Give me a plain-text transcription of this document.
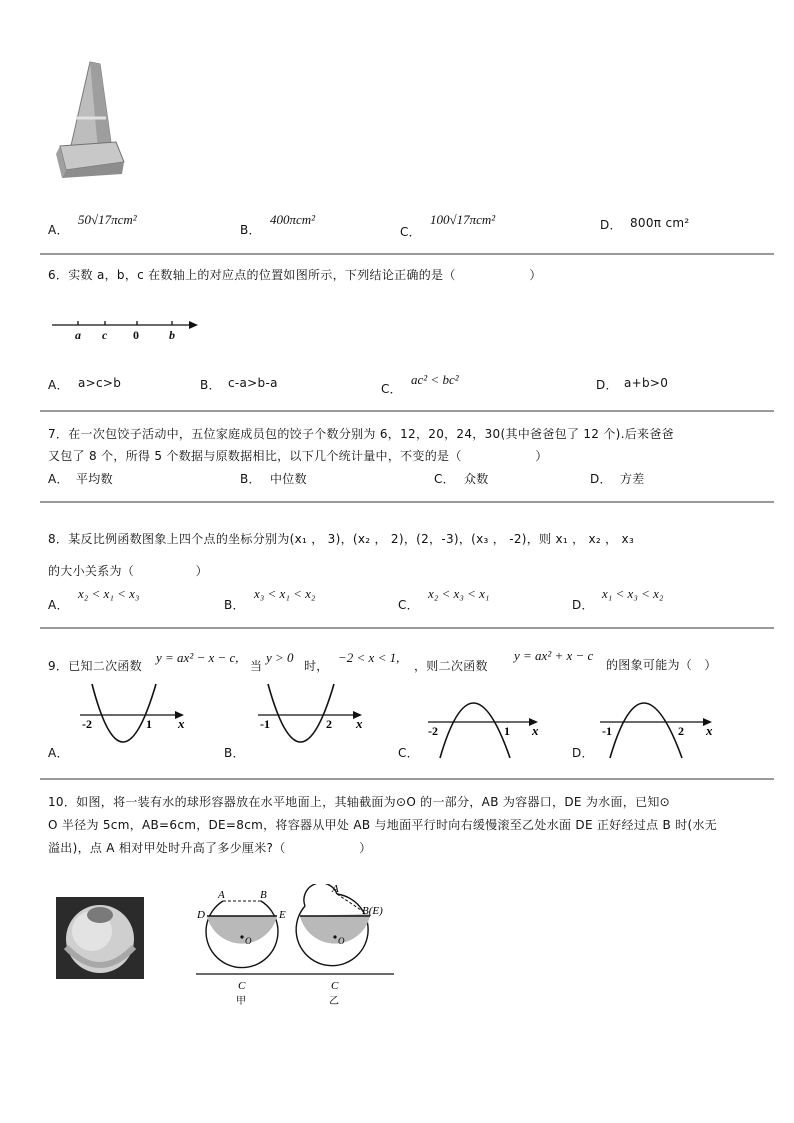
A．
50√17πcm²
B．
400πcm²
C．
100√17πcm²	D． 800π cm²
6．实数 a，b，c 在数轴上的对应点的位置如图所示，下列结论正确的是（　　　　　　）
a c 0	b
A． a>c>b	B． c-a>b-a	C．
ac² < bc²	D． a+b>0
7．在一次包饺子活动中，五位家庭成员包的饺子个数分别为 6，12，20，24，30(其中爸爸包了 12 个).后来爸爸
又包了 8 个，所得 5 个数据与原数据相比，以下几个统计量中，不变的是（　　　　　　）
A． 平均数	B． 中位数	C． 众数	D． 方差
8．某反比例函数图象上四个点的坐标分别为(x₁ ， 3)，(x₂ ， 2)，(2，-3)，(x₃ ， -2)，则 x₁ ， x₂ ， x₃
的大小关系为（　　　　　）
A．
x₂ < x₁ < x₃
B．
x₃ < x₁ < x₂
C．
x₂ < x₃ < x₁
D．
x₁ < x₃ < x₂
9．已知二次函数
y = ax² − x − c,
当
y > 0
时，
−2 < x < 1,
，则二次函数
y = ax² + x − c
的图象可能为（　）
-2	1 x
A．
-1	2 x
B．
-2	1 x
C．
-1	2 x
D．
10．如图，将一装有水的球形容器放在水平地面上，其轴截面为⊙O 的一部分，AB 为容器口，DE 为水面，已知⊙
O 半径为 5cm，AB=6cm，DE=8cm，将容器从甲处 AB 与地面平行时向右缓慢滚至乙处水面 DE 正好经过点 B 时(水无
溢出)，点 A 相对甲处时升高了多少厘米?（　　　　　　）
A	B
D	E
O
C
甲
A
B(E)
O
C
乙
